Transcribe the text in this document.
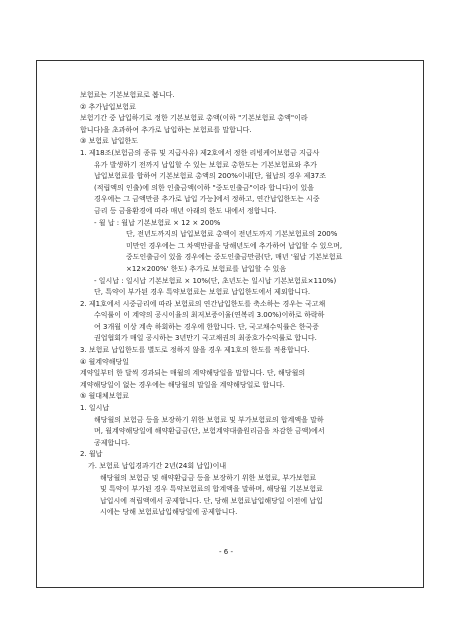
보험료는 기본보험료로 봅니다.
② 추가납입보험료
보험기간 중 납입하기로 정한 기본보험료 총액(이하 "기본보험료 총액"이라
합니다)을 초과하여 추가로 납입하는 보험료를 말합니다.
③ 보험료 납입한도
1. 제18조(보험금의 종류 및 지급사유) 제2호에서 정한 리빙케어보험금 지급사
유가 발생하기 전까지 납입할 수 있는 보험료 총한도는 기본보험료와 추가
납입보험료를 합하여 기본보험료 총액의 200%이내[단, 월납의 경우 제37조
(적립액의 인출)에 의한 인출금액(이하 "중도인출금"이라 합니다)이 있을
경우에는 그 금액만큼 추가로 납입 가능]에서 정하고, 연간납입한도는 시중
금리 등 금융환경에 따라 매년 아래의 한도 내에서 정합니다.
- 월 납 : 월납 기본보험료 × 12 × 200%
단, 전년도까지의 납입보험료 총액이 전년도까지 기본보험료의 200%
미만인 경우에는 그 차액만큼을 당해년도에 추가하여 납입할 수 있으며,
중도인출금이 있을 경우에는 중도인출금만큼(단, 매년 '월납 기본보험료
×12×200%' 한도) 추가로 보험료를 납입할 수 있음
- 일시납 : 일시납 기본보험료 × 10%(단, 초년도는 일시납 기본보험료×110%)
단, 특약이 부가된 경우 특약보험료는 보험료 납입한도에서 제외합니다.
2. 제1호에서 시중금리에 따라 보험료의 연간납입한도를 축소하는 경우는 국고채
수익률이 이 계약의 공시이율의 최저보증이율(연복리 3.00%)이하로 하락하
여 3개월 이상 계속 하회하는 경우에 한합니다. 단, 국고채수익률은 한국증
권업협회가 매일 공시하는 3년만기 국고채권의 최종호가수익률로 합니다.
3. 보험료 납입한도를 별도로 정하지 않을 경우 제1호의 한도를 적용합니다.
④ 월계약해당일
계약일부터 한 달씩 경과되는 매월의 계약해당일을 말합니다. 단, 해당월의
계약해당일이 없는 경우에는 해당월의 말일을 계약해당일로 합니다.
⑤ 월대체보험료
1. 일시납
해당월의 보험금 등을 보장하기 위한 보험료 및 부가보험료의 합계액을 말하
며, 월계약해당일에 해약환급금(단, 보험계약대출원리금을 차감한 금액)에서
공제합니다.
2. 월납
가. 보험료 납입경과기간 2년(24회 납입)이내
해당월의 보험금 및 해약환급금 등을 보장하기 위한 보험료, 부가보험료
및 특약이 부가된 경우 특약보험료의 합계액을 말하며, 해당월 기본보험료
납입시에 적립액에서 공제합니다. 단, 당해 보험료납입해당일 이전에 납입
시에는 당해 보험료납입해당일에 공제합니다.
- 6 -
